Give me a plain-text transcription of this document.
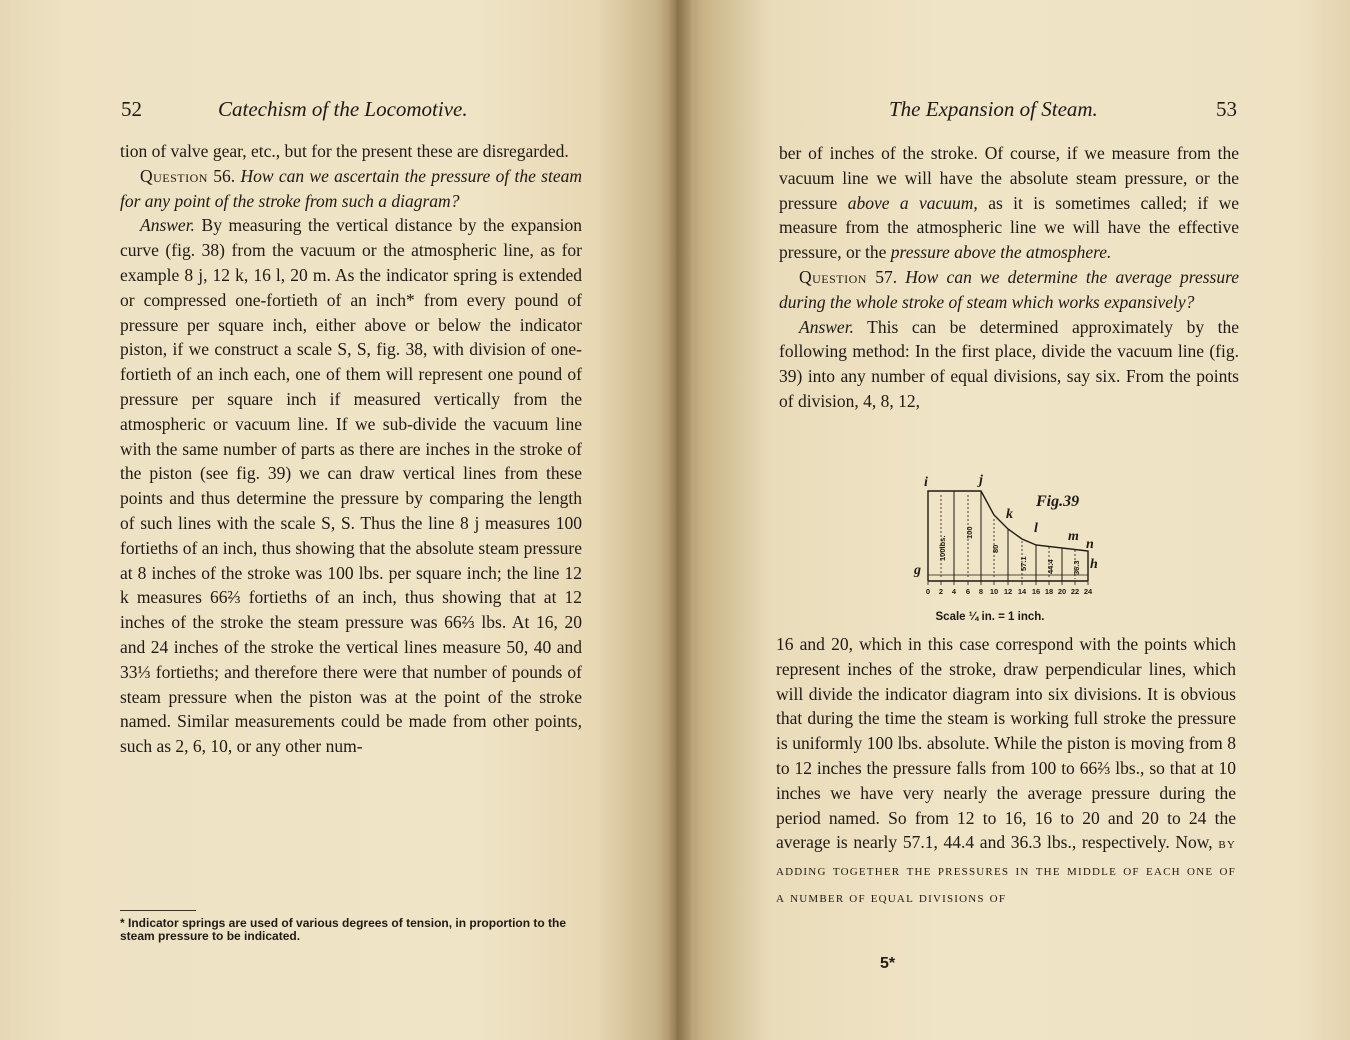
52	Catechism of the Locomotive.

tion of valve gear, etc., but for the present these are disregarded.

Question 56. How can we ascertain the pressure of the steam for any point of the stroke from such a diagram?

Answer. By measuring the vertical distance by the expansion curve (fig. 38) from the vacuum or the atmospheric line, as for example 8 j, 12 k, 16 l, 20 m. As the indicator spring is extended or compressed one-fortieth of an inch* from every pound of pressure per square inch, either above or below the indicator piston, if we construct a scale S, S, fig. 38, with division of one-fortieth of an inch each, one of them will represent one pound of pressure per square inch if measured vertically from the atmospheric or vacuum line. If we sub-divide the vacuum line with the same number of parts as there are inches in the stroke of the piston (see fig. 39) we can draw vertical lines from these points and thus determine the pressure by comparing the length of such lines with the scale S, S. Thus the line 8 j measures 100 fortieths of an inch, thus showing that the absolute steam pressure at 8 inches of the stroke was 100 lbs. per square inch; the line 12 k measures 66⅔ fortieths of an inch, thus showing that at 12 inches of the stroke the steam pressure was 66⅔ lbs. At 16, 20 and 24 inches of the stroke the vertical lines measure 50, 40 and 33⅓ fortieths; and therefore there were that number of pounds of steam pressure when the piston was at the point of the stroke named. Similar measurements could be made from other points, such as 2, 6, 10, or any other num-

* Indicator springs are used of various degrees of tension, in proportion to the steam pressure to be indicated.
The Expansion of Steam.	53

ber of inches of the stroke. Of course, if we measure from the vacuum line we will have the absolute steam pressure, or the pressure above a vacuum, as it is sometimes called; if we measure from the atmospheric line we will have the effective pressure, or the pressure above the atmosphere.

Question 57. How can we determine the average pressure during the whole stroke of steam which works expansively?

Answer. This can be determined approximately by the following method: In the first place, divide the vacuum line (fig. 39) into any number of equal divisions, say six. From the points of division, 4, 8, 12,

16 and 20, which in this case correspond with the points which represent inches of the stroke, draw perpendicular lines, which will divide the indicator diagram into six divisions. It is obvious that during the time the steam is working full stroke the pressure is uniformly 100 lbs. absolute. While the piston is moving from 8 to 12 inches the pressure falls from 100 to 66⅔ lbs., so that at 10 inches we have very nearly the average pressure during the period named. So from 12 to 16, 16 to 20 and 20 to 24 the average is nearly 57.1, 44.4 and 36.3 lbs., respectively. Now, by adding together the pressures in the middle of each one of a number of equal divisions of

5*
100lbs.
100
80
57.1 44.4 36.3
0 2 4 6 8 10 12 14 16 18 20 22 24
i	j
k
l
m
n
g	h
Fig.39
Scale ¼ in. = 1 inch.
